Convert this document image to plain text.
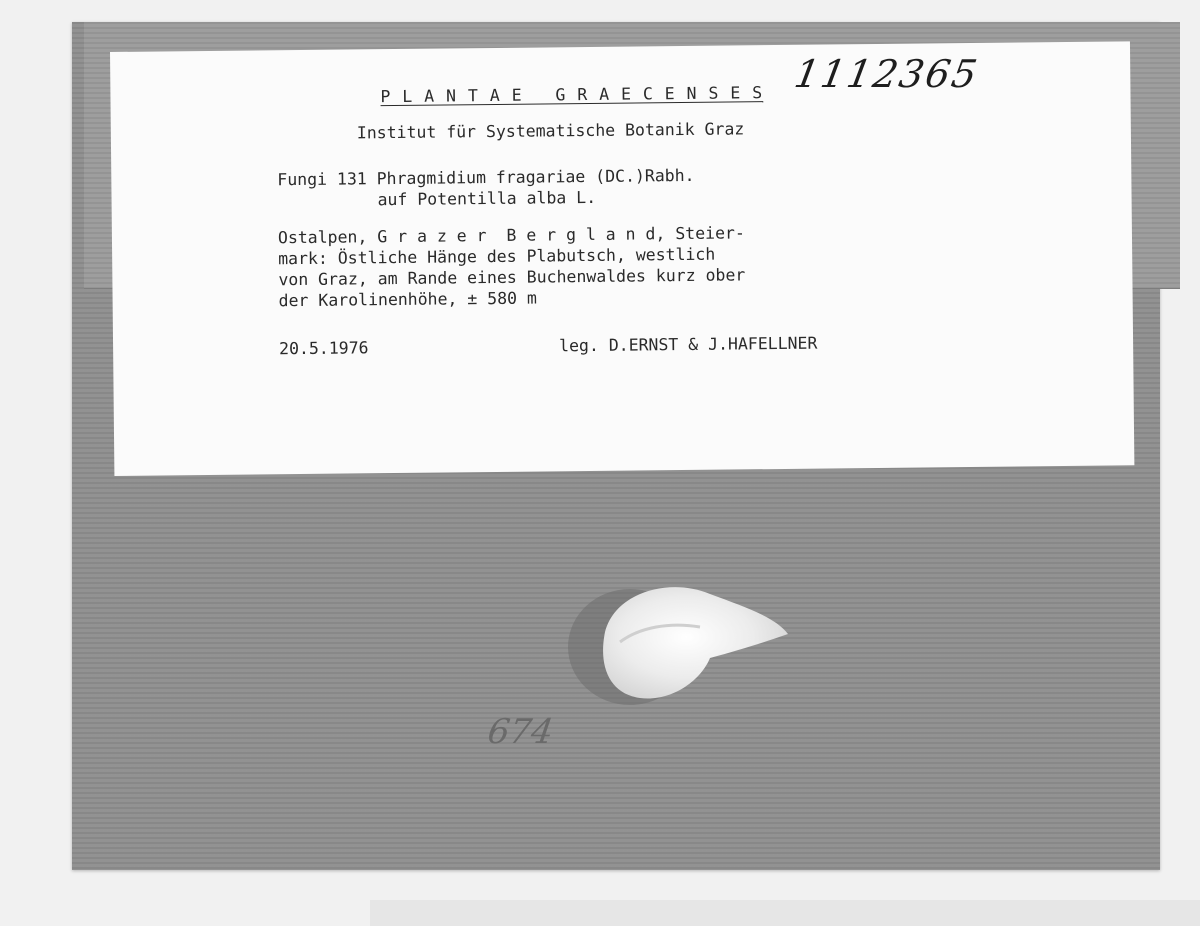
P L A N T A E   G R A E C E N S E S
Institut für Systematische Botanik Graz
Fungi 131 Phragmidium fragariae (DC.)Rabh.
auf Potentilla alba L.
Ostalpen, G r a z e r  B e r g l a n d, Steier-
mark: Östliche Hänge des Plabutsch, westlich
von Graz, am Rande eines Buchenwaldes kurz ober
der Karolinenhöhe, ± 580 m
20.5.1976	leg. D.ERNST & J.HAFELLNER
1112365
674
